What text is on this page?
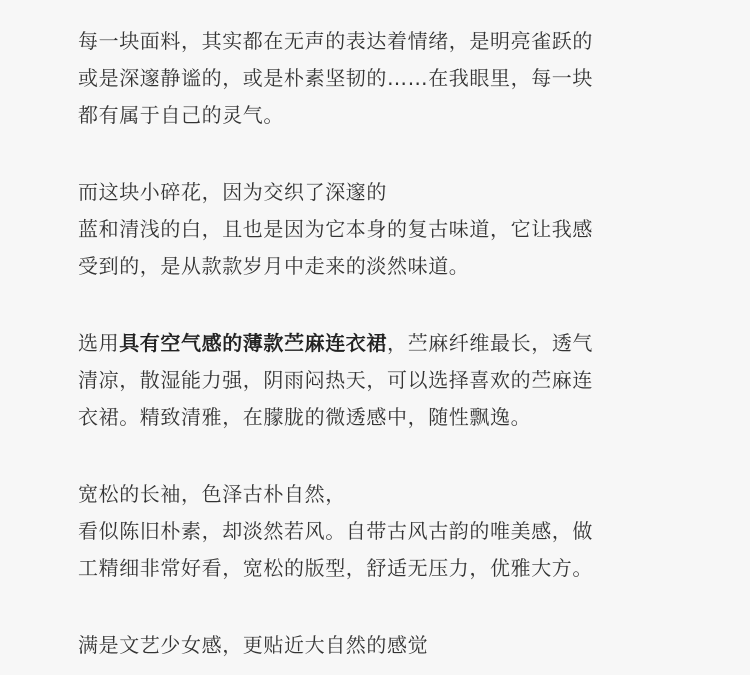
每一块面料，其实都在无声的表达着情绪，是明亮雀跃的
或是深邃静谧的，或是朴素坚韧的……在我眼里，每一块
都有属于自己的灵气。
而这块小碎花，因为交织了深邃的
蓝和清浅的白，且也是因为它本身的复古味道，它让我感
受到的，是从款款岁月中走来的淡然味道。
选用具有空气感的薄款苎麻连衣裙，苎麻纤维最长，透气
清凉，散湿能力强，阴雨闷热天，可以选择喜欢的苎麻连
衣裙。精致清雅，在朦胧的微透感中，随性飘逸。
宽松的长袖，色泽古朴自然，
看似陈旧朴素，却淡然若风。自带古风古韵的唯美感，做
工精细非常好看，宽松的版型，舒适无压力，优雅大方。
满是文艺少女感，更贴近大自然的感觉
